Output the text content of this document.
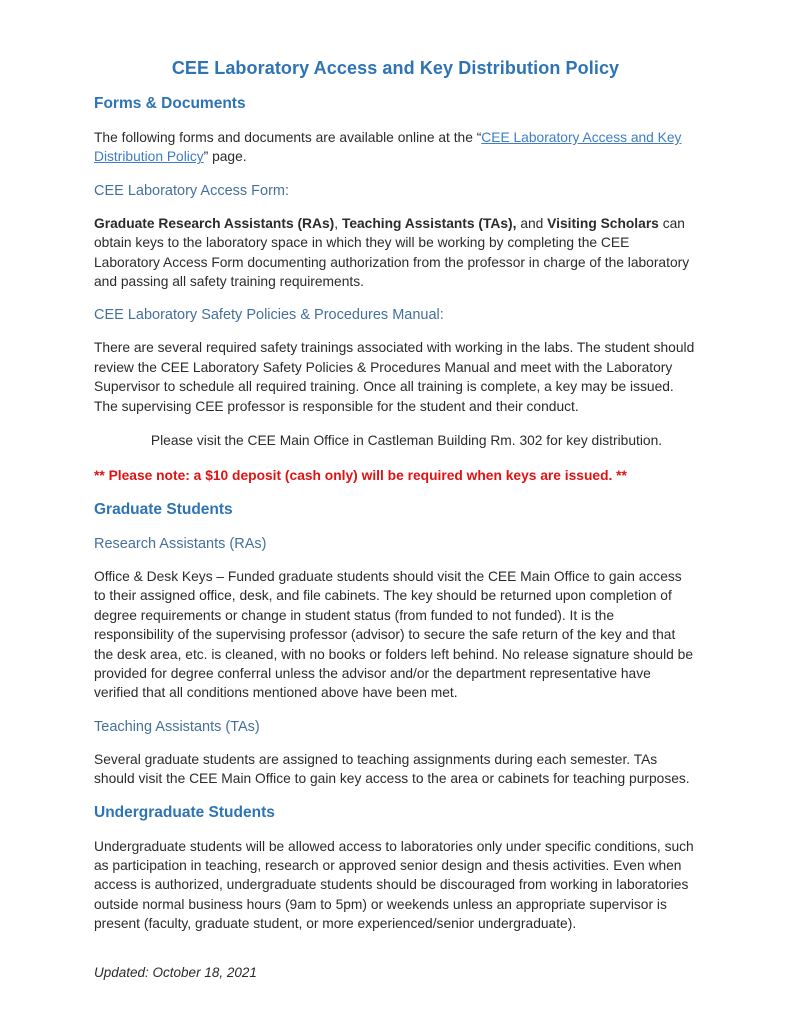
CEE Laboratory Access and Key Distribution Policy
Forms & Documents

The following forms and documents are available online at the “CEE Laboratory Access and Key Distribution Policy” page.

CEE Laboratory Access Form:

Graduate Research Assistants (RAs), Teaching Assistants (TAs), and Visiting Scholars can obtain keys to the laboratory space in which they will be working by completing the CEE Laboratory Access Form documenting authorization from the professor in charge of the laboratory and passing all safety training requirements.

CEE Laboratory Safety Policies & Procedures Manual:

There are several required safety trainings associated with working in the labs. The student should review the CEE Laboratory Safety Policies & Procedures Manual and meet with the Laboratory Supervisor to schedule all required training. Once all training is complete, a key may be issued. The supervising CEE professor is responsible for the student and their conduct.

Please visit the CEE Main Office in Castleman Building Rm. 302 for key distribution.

** Please note: a $10 deposit (cash only) will be required when keys are issued. **

Graduate Students
Research Assistants (RAs)

Office & Desk Keys – Funded graduate students should visit the CEE Main Office to gain access to their assigned office, desk, and file cabinets. The key should be returned upon completion of degree requirements or change in student status (from funded to not funded). It is the responsibility of the supervising professor (advisor) to secure the safe return of the key and that the desk area, etc. is cleaned, with no books or folders left behind. No release signature should be provided for degree conferral unless the advisor and/or the department representative have verified that all conditions mentioned above have been met.

Teaching Assistants (TAs)

Several graduate students are assigned to teaching assignments during each semester. TAs should visit the CEE Main Office to gain key access to the area or cabinets for teaching purposes.

Undergraduate Students

Undergraduate students will be allowed access to laboratories only under specific conditions, such as participation in teaching, research or approved senior design and thesis activities. Even when access is authorized, undergraduate students should be discouraged from working in laboratories outside normal business hours (9am to 5pm) or weekends unless an appropriate supervisor is present (faculty, graduate student, or more experienced/senior undergraduate).

Updated: October 18, 2021
